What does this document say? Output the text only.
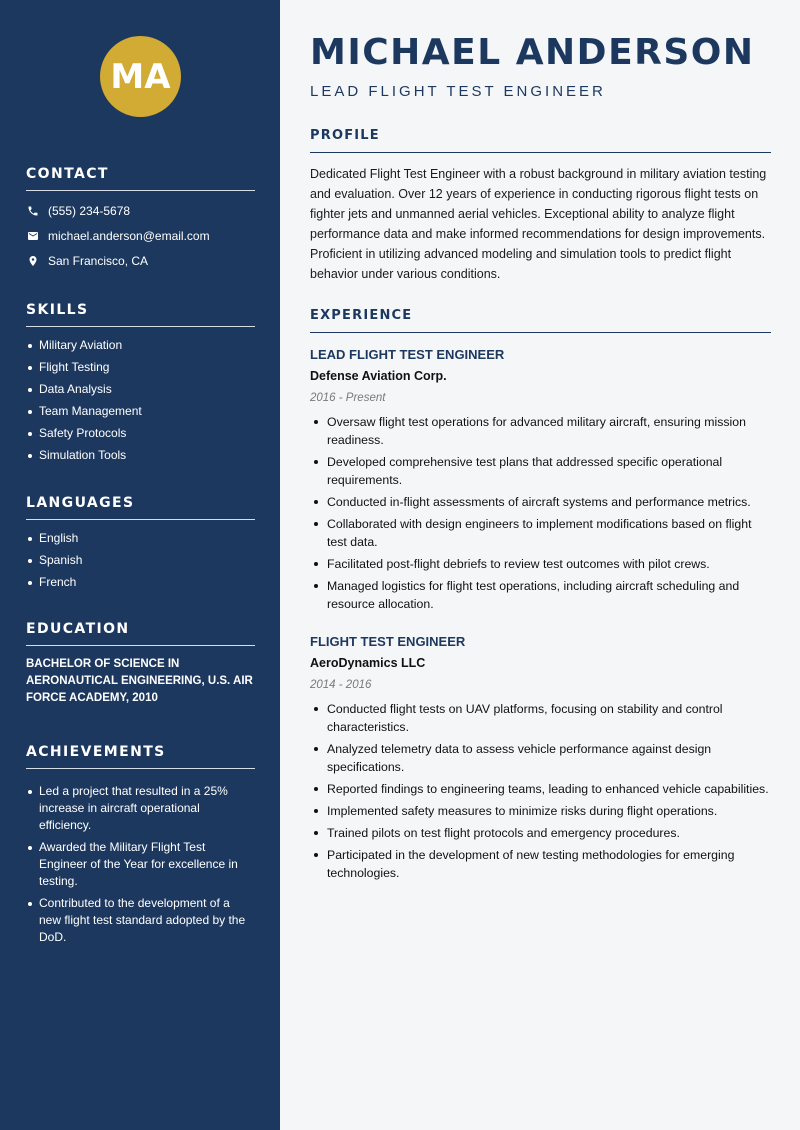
MA
CONTACT
(555) 234-5678
michael.anderson@email.com
San Francisco, CA
SKILLS
Military Aviation
Flight Testing
Data Analysis
Team Management
Safety Protocols
Simulation Tools
LANGUAGES
English
Spanish
French
EDUCATION

BACHELOR OF SCIENCE IN AERONAUTICAL ENGINEERING, U.S. AIR FORCE ACADEMY, 2010

ACHIEVEMENTS
Led a project that resulted in a 25% increase in aircraft operational efficiency.
Awarded the Military Flight Test Engineer of the Year for excellence in testing.
Contributed to the development of a new flight test standard adopted by the DoD.
MICHAEL ANDERSON
LEAD FLIGHT TEST ENGINEER
PROFILE

Dedicated Flight Test Engineer with a robust background in military aviation testing and evaluation. Over 12 years of experience in conducting rigorous flight tests on fighter jets and unmanned aerial vehicles. Exceptional ability to analyze flight performance data and make informed recommendations for design improvements. Proficient in utilizing advanced modeling and simulation tools to predict flight behavior under various conditions.

EXPERIENCE
LEAD FLIGHT TEST ENGINEER
Defense Aviation Corp.
2016 - Present
Oversaw flight test operations for advanced military aircraft, ensuring mission readiness.
Developed comprehensive test plans that addressed specific operational requirements.
Conducted in-flight assessments of aircraft systems and performance metrics.
Collaborated with design engineers to implement modifications based on flight test data.
Facilitated post-flight debriefs to review test outcomes with pilot crews.
Managed logistics for flight test operations, including aircraft scheduling and resource allocation.
FLIGHT TEST ENGINEER
AeroDynamics LLC
2014 - 2016
Conducted flight tests on UAV platforms, focusing on stability and control characteristics.
Analyzed telemetry data to assess vehicle performance against design specifications.
Reported findings to engineering teams, leading to enhanced vehicle capabilities.
Implemented safety measures to minimize risks during flight operations.
Trained pilots on test flight protocols and emergency procedures.
Participated in the development of new testing methodologies for emerging technologies.
